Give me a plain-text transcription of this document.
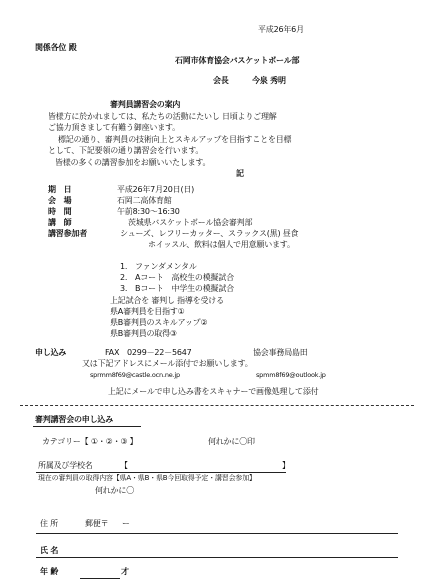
平成26年6月
関係各位 殿
石岡市体育協会バスケットボール部
会長	今泉 秀明
審判員講習会の案内
皆様方に於かれましては、私たちの活動にたいし 日頃よりご理解
ご協力頂きまして有難う御座います。
標記の通り、審判員の技術向上とスキルアップを目指すことを目標
として、下記要領の通り講習会を行います。
皆様の多くの講習参加をお願いいたします。
記
期　日	平成26年7月20日(日)
会　場	石岡二高体育館
時　間	午前8:30～16:30
講　師	茨城県バスケットボール協会審判部
講習参加者	シューズ、レフリーカッター、スラックス(黒) 昼食
ホイッスル、飲料は個人で用意願います。
1.　ファンダメンタル
2.　Aコート　高校生の模擬試合
3.　Bコート　中学生の模擬試合
上記試合を 審判し 指導を受ける
県A審判員を目指す①
県B審判員のスキルアップ②
県B審判員の取得③
申し込み	FAX　0299－22－5647	協会事務局島田
又は下記アドレスにメール添付でお願いします。
sprmm8f69@castle.ocn.ne.jp	spmm8f69@outlook.jp
上記にメールで申し込み書をスキャナーで画像処理して添付
審判講習会の申し込み
カテゴリー【 ①・②・③ 】	何れかに〇印
所属及び学校名	【	】
現在の審判員の取得内容【県A・県B・県B今回取得予定・講習会参加】
何れかに〇
住 所	郵便〒 ー
氏 名
年 齢	才
